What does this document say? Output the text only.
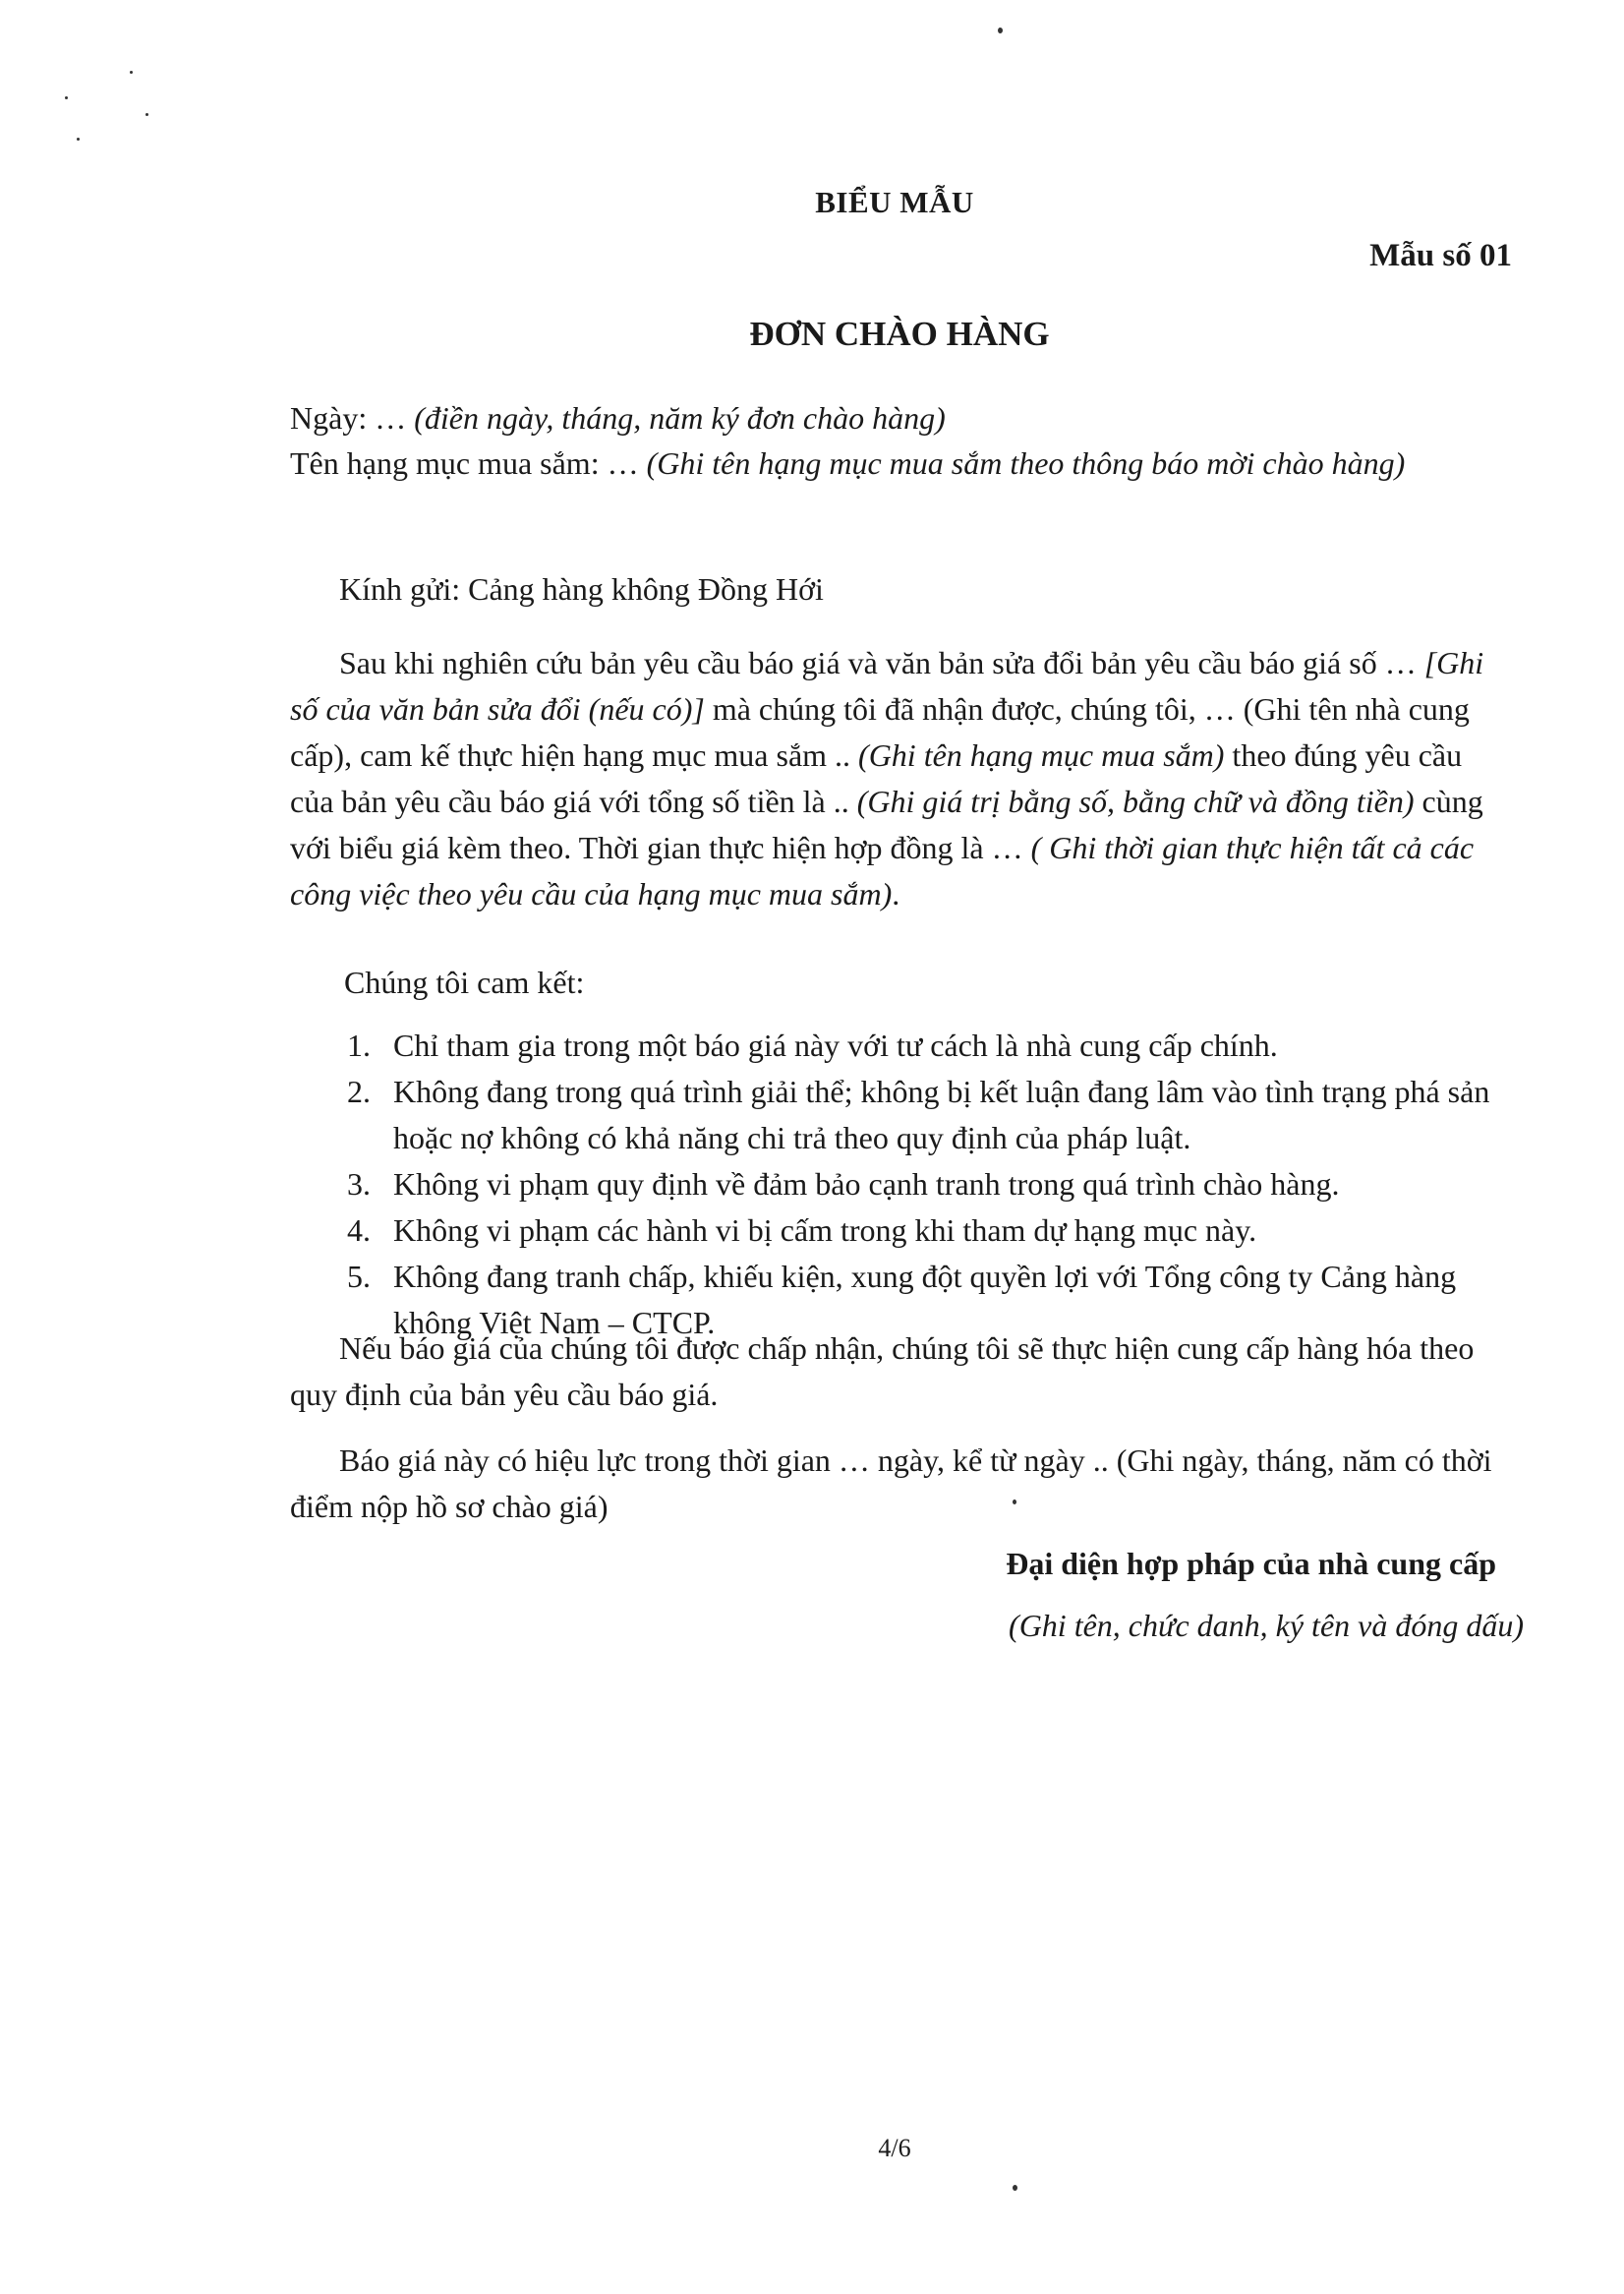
BIỂU MẪU
Mẫu số 01
ĐƠN CHÀO HÀNG
Ngày: … (điền ngày, tháng, năm ký đơn chào hàng)
Tên hạng mục mua sắm: … (Ghi tên hạng mục mua sắm theo thông báo mời chào hàng)
Kính gửi: Cảng hàng không Đồng Hới
Sau khi nghiên cứu bản yêu cầu báo giá và văn bản sửa đổi bản yêu cầu báo giá số … [Ghi số của văn bản sửa đổi (nếu có)] mà chúng tôi đã nhận được, chúng tôi, … (Ghi tên nhà cung cấp), cam kế thực hiện hạng mục mua sắm .. (Ghi tên hạng mục mua sắm) theo đúng yêu cầu của bản yêu cầu báo giá với tổng số tiền là .. (Ghi giá trị bằng số, bằng chữ và đồng tiền) cùng với biểu giá kèm theo. Thời gian thực hiện hợp đồng là … ( Ghi thời gian thực hiện tất cả các công việc theo yêu cầu của hạng mục mua sắm).
Chúng tôi cam kết:
1. Chỉ tham gia trong một báo giá này với tư cách là nhà cung cấp chính.
2. Không đang trong quá trình giải thể; không bị kết luận đang lâm vào tình trạng phá sản hoặc nợ không có khả năng chi trả theo quy định của pháp luật.
3. Không vi phạm quy định về đảm bảo cạnh tranh trong quá trình chào hàng.
4. Không vi phạm các hành vi bị cấm trong khi tham dự hạng mục này.
5. Không đang tranh chấp, khiếu kiện, xung đột quyền lợi với Tổng công ty Cảng hàng không Việt Nam – CTCP.
Nếu báo giá của chúng tôi được chấp nhận, chúng tôi sẽ thực hiện cung cấp hàng hóa theo quy định của bản yêu cầu báo giá.
Báo giá này có hiệu lực trong thời gian … ngày, kể từ ngày .. (Ghi ngày, tháng, năm có thời điểm nộp hồ sơ chào giá)
Đại diện hợp pháp của nhà cung cấp
(Ghi tên, chức danh, ký tên và đóng dấu)
4/6
